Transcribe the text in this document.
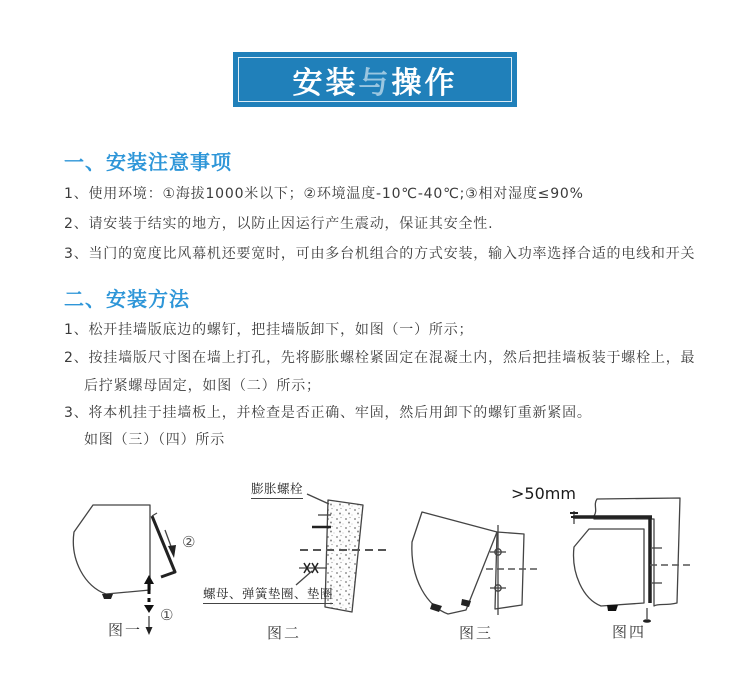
安装 与 操作
一、安装注意事项

1、使用环境：①海拔1000米以下；②环境温度-10℃-40℃;③相对湿度≤90%

2、请安装于结实的地方，以防止因运行产生震动，保证其安全性.

3、当门的宽度比风幕机还要宽时，可由多台机组合的方式安装，输入功率选择合适的电线和开关

二、安装方法

1、松开挂墙版底边的螺钉，把挂墙版卸下，如图（一）所示；

2、按挂墙版尺寸图在墙上打孔，先将膨胀螺栓紧固定在混凝土内，然后把挂墙板装于螺栓上，最

后拧紧螺母固定，如图（二）所示；

3、将本机挂于挂墙板上，并检查是否正确、牢固，然后用卸下的螺钉重新紧固。

如图（三）（四）所示

②
①
膨胀螺栓
螺母、弹簧垫圈、垫圈
>50mm
图一	图二	图三	图四
